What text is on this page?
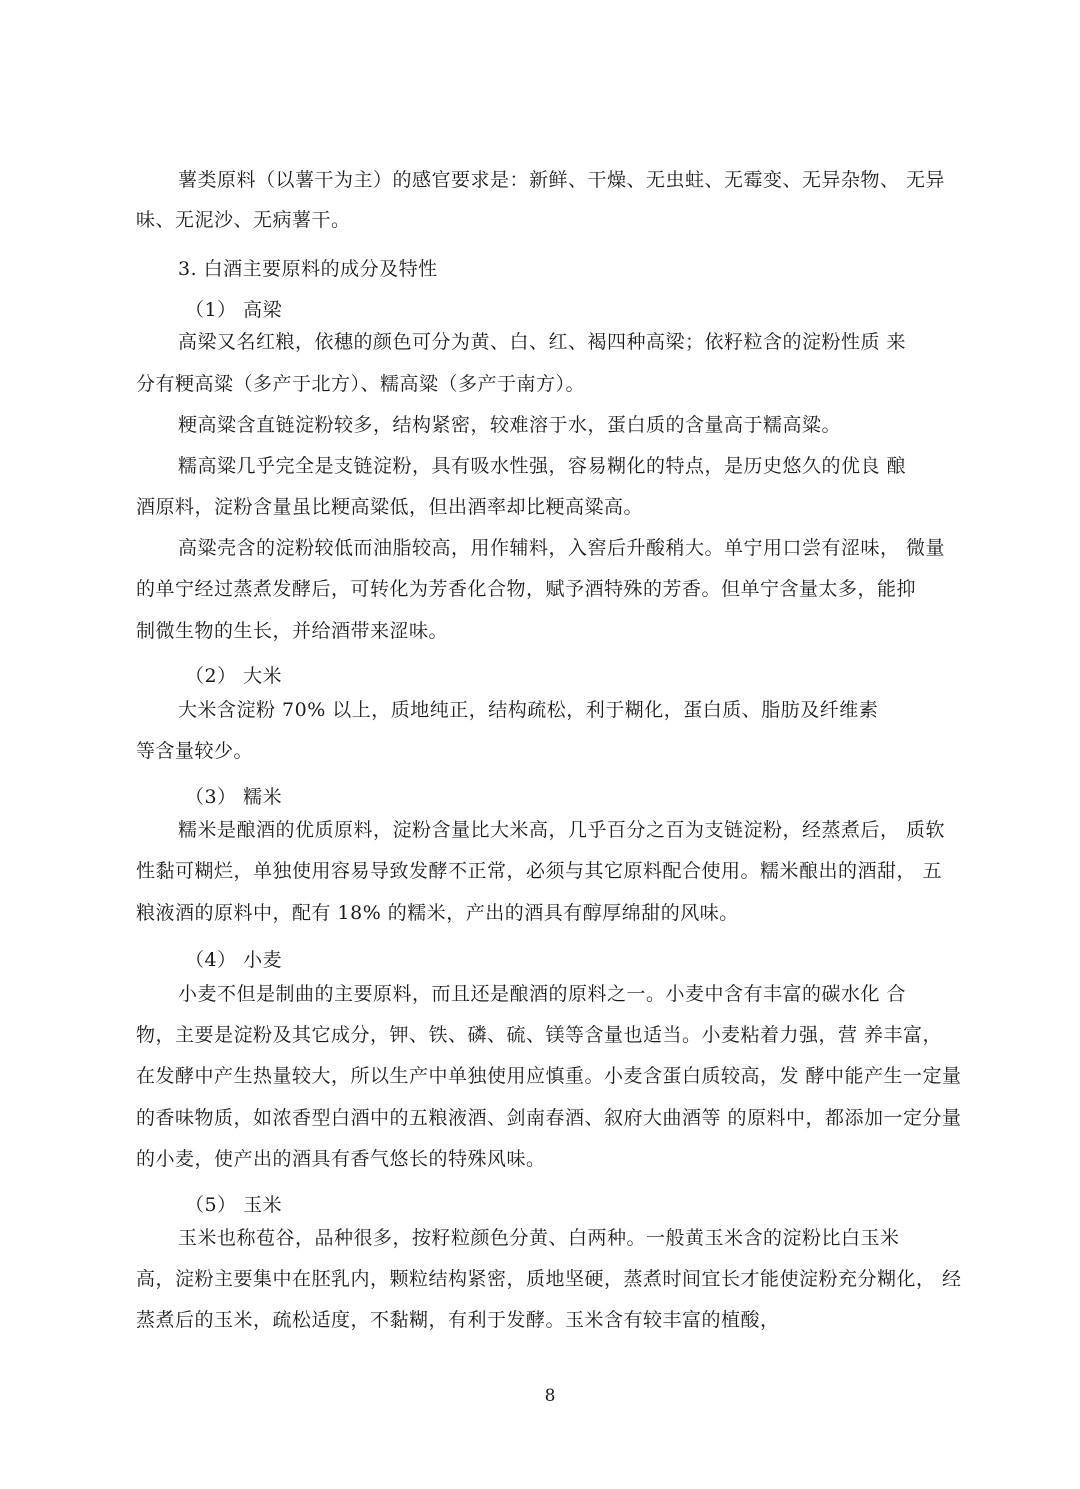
薯类原料（以薯干为主）的感官要求是：新鲜、干燥、无虫蛀、无霉变、无异杂物、 无异
味、无泥沙、无病薯干。
3. 白酒主要原料的成分及特性
（1） 高梁
高梁又名红粮，依穗的颜色可分为黄、白、红、褐四种高梁；依籽粒含的淀粉性质 来
分有粳高粱（多产于北方）、糯高粱（多产于南方）。
粳高粱含直链淀粉较多，结构紧密，较难溶于水，蛋白质的含量高于糯高粱。
糯高粱几乎完全是支链淀粉，具有吸水性强，容易糊化的特点，是历史悠久的优良 酿
酒原料，淀粉含量虽比粳高粱低，但出酒率却比粳高粱高。
高粱壳含的淀粉较低而油脂较高，用作辅料，入窖后升酸稍大。单宁用口尝有涩味， 微量
的单宁经过蒸煮发酵后，可转化为芳香化合物，赋予酒特殊的芳香。但单宁含量太多，能抑
制微生物的生长，并给酒带来涩味。
（2） 大米
大米含淀粉 70% 以上，质地纯正，结构疏松，利于糊化，蛋白质、脂肪及纤维素
等含量较少。
（3） 糯米
糯米是酿酒的优质原料，淀粉含量比大米高，几乎百分之百为支链淀粉，经蒸煮后， 质软
性黏可糊烂，单独使用容易导致发酵不正常，必须与其它原料配合使用。糯米酿出的酒甜， 五
粮液酒的原料中，配有 18% 的糯米，产出的酒具有醇厚绵甜的风味。
（4） 小麦
小麦不但是制曲的主要原料，而且还是酿酒的原料之一。小麦中含有丰富的碳水化 合
物，主要是淀粉及其它成分，钾、铁、磷、硫、镁等含量也适当。小麦粘着力强，营 养丰富，
在发酵中产生热量较大，所以生产中单独使用应慎重。小麦含蛋白质较高，发 酵中能产生一定量
的香味物质，如浓香型白酒中的五粮液酒、剑南春酒、叙府大曲酒等 的原料中，都添加一定分量
的小麦，使产出的酒具有香气悠长的特殊风味。
（5） 玉米
玉米也称苞谷，品种很多，按籽粒颜色分黄、白两种。一般黄玉米含的淀粉比白玉米
高，淀粉主要集中在胚乳内，颗粒结构紧密，质地坚硬，蒸煮时间宜长才能使淀粉充分糊化， 经
蒸煮后的玉米，疏松适度，不黏糊，有利于发酵。玉米含有较丰富的植酸，
8
